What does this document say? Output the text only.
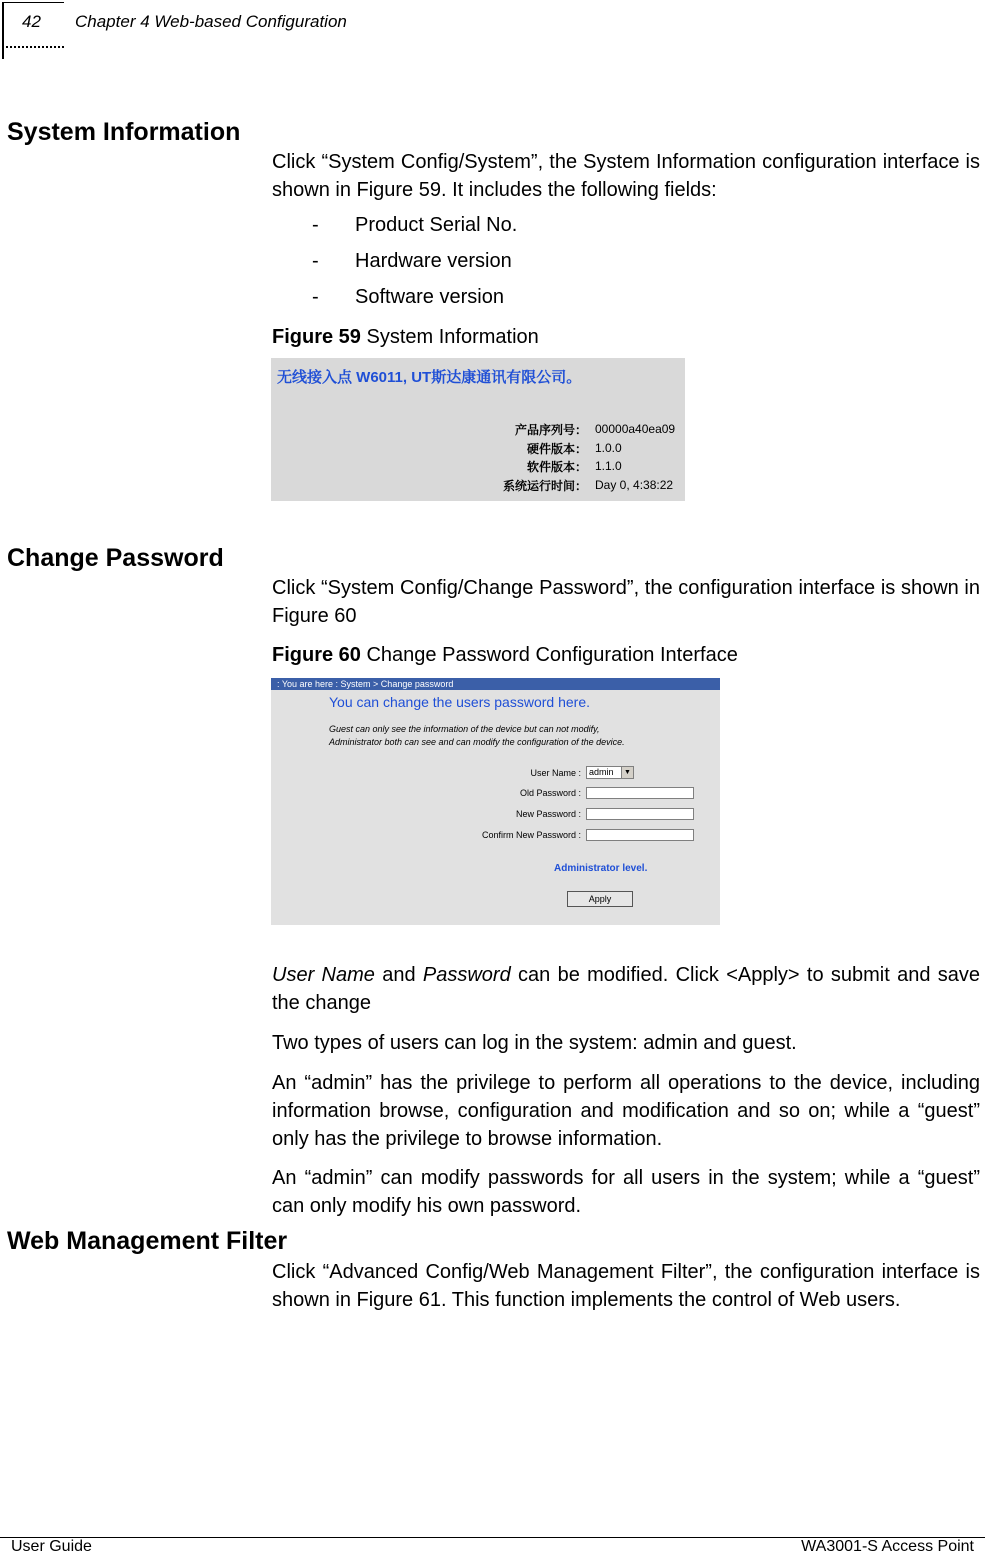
42 Chapter 4 Web-based Configuration
System Information
Click “System Config/System”, the System Information configuration interface is shown in Figure 59. It includes the following fields:
- Product Serial No.
- Hardware version
- Software version
Figure 59 System Information
无线接入点 W6011, UT斯达康通讯有限公司。
产品序列号： 00000a40ea09
硬件版本： 1.0.0
软件版本： 1.1.0
系统运行时间： Day 0, 4:38:22
Change Password
Click “System Config/Change Password”, the configuration interface is shown in Figure 60
Figure 60 Change Password Configuration Interface
: You are here : System > Change password
You can change the users password here.
Guest can only see the information of the device but can not modify,
Administrator both can see and can modify the configuration of the device.
User Name : admin	▼
Old Password :
New Password :
Confirm New Password :
Administrator level.
Apply
User Name and Password can be modified. Click <Apply> to submit and save the change
Two types of users can log in the system: admin and guest.
An “admin” has the privilege to perform all operations to the device, including information browse, configuration and modification and so on; while a “guest” only has the privilege to browse information.
An “admin” can modify passwords for all users in the system; while a “guest” can only modify his own password.
Web Management Filter
Click “Advanced Config/Web Management Filter”, the configuration interface is shown in Figure 61. This function implements the control of Web users.
User Guide	WA3001-S Access Point
